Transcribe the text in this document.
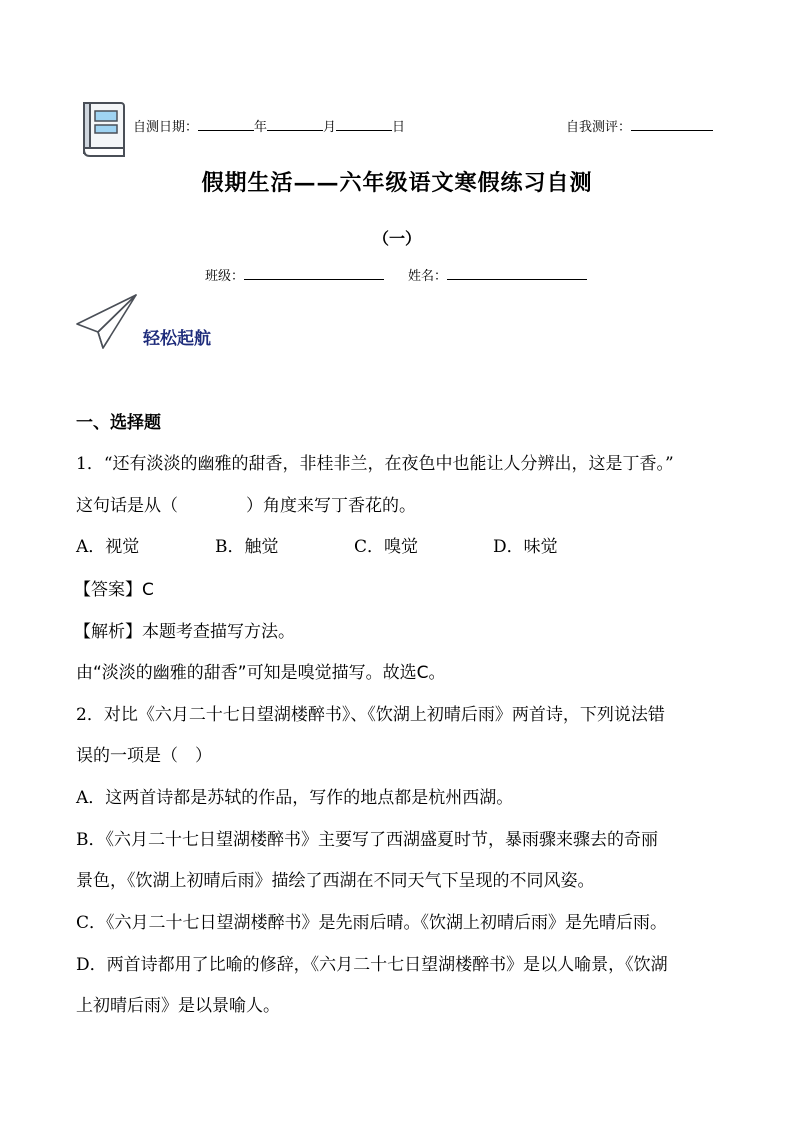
自测日期：	年	月	日	自我测评：
假期生活——六年级语文寒假练习自测
（一）
班级：	姓名：
轻松起航
一、选择题
1．“还有淡淡的幽雅的甜香，非桂非兰，在夜色中也能让人分辨出，这是丁香。”
这句话是从（　　　　）角度来写丁香花的。
A．视觉	B．触觉	C．嗅觉	D．味觉
【答案】C
【解析】本题考查描写方法。
由“淡淡的幽雅的甜香”可知是嗅觉描写。故选C。
2．对比《六月二十七日望湖楼醉书》、《饮湖上初晴后雨》两首诗，下列说法错
误的一项是（　）
A．这两首诗都是苏轼的作品，写作的地点都是杭州西湖。
B．《六月二十七日望湖楼醉书》主要写了西湖盛夏时节，暴雨骤来骤去的奇丽
景色，《饮湖上初晴后雨》描绘了西湖在不同天气下呈现的不同风姿。
C．《六月二十七日望湖楼醉书》是先雨后晴。《饮湖上初晴后雨》是先晴后雨。
D．两首诗都用了比喻的修辞，《六月二十七日望湖楼醉书》是以人喻景，《饮湖
上初晴后雨》是以景喻人。
